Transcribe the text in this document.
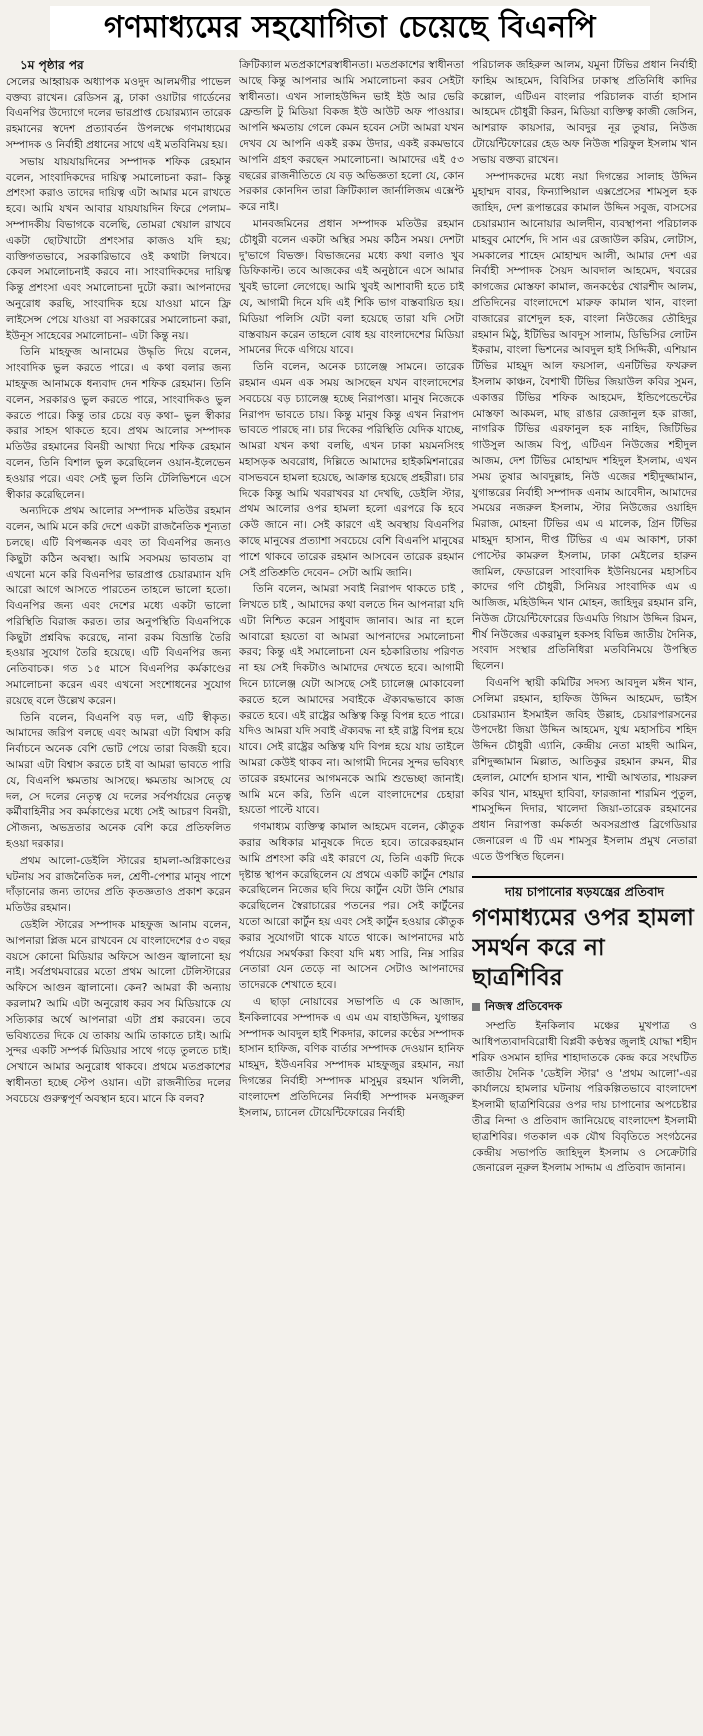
গণমাধ্যমের সহযোগিতা চেয়েছে বিএনপি

১ম পৃষ্ঠার পর

সেলের আহ্বায়ক অধ্যাপক মওদুদ আলমগীর পাভেল বক্তব্য রাখেন। রেডিসন ব্লু, ঢাকা ওয়াটার গার্ডেনের বিএনপির উদ্যোগে দলের ভারপ্রাপ্ত চেয়ারম্যান তারেক রহমানের স্বদেশ প্রত্যাবর্তন উপলক্ষে গণমাধ্যমের সম্পাদক ও নির্বাহী প্রধানের সাথে এই মতবিনিময় হয়।

সভায় যায়যায়দিনের সম্পাদক শফিক রেহমান বলেন, সাংবাদিকদের দায়িত্ব সমালোচনা করা– কিন্তু প্রশংসা করাও তাদের দায়িত্ব এটা আমার মনে রাখতে হবে। আমি যখন আবার যায়যায়দিন ফিরে পেলাম– সম্পাদকীয় বিভাগকে বলেছি, তোমরা খেয়াল রাখবে একটা ছোটখাটো প্রশংসার কাজও যদি হয়; ব্যক্তিগতভাবে, সরকারিভাবে ওই কথাটা লিখবে। কেবল সমালোচনাই করবে না। সাংবাদিকদের দায়িত্ব কিন্তু প্রশংসা এবং সমালোচনা দুটো করা। আপনাদের অনুরোধ করছি, সাংবাদিক হয়ে যাওয়া মানে ফ্রি লাইসেন্স পেয়ে যাওয়া বা সরকারের সমালোচনা করা, ইউনূস সাহেবের সমালোচনা– এটা কিন্তু নয়।

তিনি মাহফুজ আনামের উদ্ধৃতি দিয়ে বলেন, সাংবাদিক ভুল করতে পারে। এ কথা বলার জন্য মাহফুজ আনামকে ধন্যবাদ দেন শফিক রেহমান। তিনি বলেন, সরকারও ভুল করতে পারে, সাংবাদিকও ভুল করতে পারে। কিন্তু তার চেয়ে বড় কথা– ভুল স্বীকার করার সাহস থাকতে হবে। প্রথম আলোর সম্পাদক মতিউর রহমানের বিনয়ী আখ্যা দিয়ে শফিক রেহমান বলেন, তিনি বিশাল ভুল করেছিলেন ওয়ান-ইলেভেন হওয়ার পরে। এবং সেই ভুল তিনি টেলিভিশনে এসে স্বীকার করেছিলেন।

অন্যদিকে প্রথম আলোর সম্পাদক মতিউর রহমান বলেন, আমি মনে করি দেশে একটা রাজনৈতিক শূন্যতা চলছে। এটি বিপজ্জনক এবং তা বিএনপির জন্যও কিছুটা কঠিন অবস্থা। আমি সবসময় ভাবতাম বা এখনো মনে করি বিএনপির ভারপ্রাপ্ত চেয়ারম্যান যদি আরো আগে আসতে পারতেন তাহলে ভালো হতো। বিএনপির জন্য এবং দেশের মধ্যে একটা ভালো পরিস্থিতি বিরাজ করত। তার অনুপস্থিতি বিএনপিকে কিছুটা প্রশ্নবিদ্ধ করেছে, নানা রকম বিভ্রান্তি তৈরি হওয়ার সুযোগ তৈরি হয়েছে। এটি বিএনপির জন্য নেতিবাচক। গত ১৫ মাসে বিএনপির কর্মকাণ্ডের সমালোচনা করেন এবং এখনো সংশোধনের সুযোগ রয়েছে বলে উল্লেখ করেন।

তিনি বলেন, বিএনপি বড় দল, এটি স্বীকৃত। আমাদের জরিপ বলছে এবং আমরা এটা বিশ্বাস করি নির্বাচনে অনেক বেশি ভোট পেয়ে তারা বিজয়ী হবে। আমরা এটা বিশ্বাস করতে চাই বা আমরা ভাবতে পারি যে, বিএনপি ক্ষমতায় আসছে। ক্ষমতায় আসছে যে দল, সে দলের নেতৃত্ব যে দলের সর্বপর্যায়ের নেতৃত্ব কর্মীবাহিনীর সব কর্মকাণ্ডের মধ্যে সেই আচরণ বিনয়ী, সৌজন্য, অভদ্রতার অনেক বেশি করে প্রতিফলিত হওয়া দরকার।

প্রথম আলো-ডেইলি স্টারের হামলা-অগ্নিকাণ্ডের ঘটনায় সব রাজনৈতিক দল, শ্রেণী-পেশার মানুষ পাশে দাঁড়ানোর জন্য তাদের প্রতি কৃতজ্ঞতাও প্রকাশ করেন মতিউর রহমান।

ডেইলি স্টারের সম্পাদক মাহফুজ আনাম বলেন, আপনারা প্লিজ মনে রাখবেন যে বাংলাদেশের ৫৩ বছর বয়সে কোনো মিডিয়ার অফিসে আগুন জ্বালানো হয় নাই। সর্বপ্রথমবারের মতো প্রথম আলো টেলিস্টারের অফিসে আগুন জ্বালানো। কেন? আমরা কী অন্যায় করলাম? আমি এটা অনুরোধ করব সব মিডিয়াকে যে সত্যিকার অর্থে আপনারা এটা প্রশ্ন করবেন। তবে ভবিষ্যতের দিকে যে তাকায় আমি তাকাতে চাই। আমি সুন্দর একটি সম্পর্ক মিডিয়ার সাথে গড়ে তুলতে চাই। সেখানে আমার অনুরোধ থাকবে। প্রথমে মতপ্রকাশের স্বাধীনতা হচ্ছে স্টেপ ওয়ান। এটা রাজনীতির দলের সবচেয়ে গুরুত্বপূর্ণ অবস্থান হবে। মানে কি বলব?

ক্রিটিক্যাল মতপ্রকাশেরস্বাধীনতা। মতপ্রকাশের স্বাধীনতা আছে কিন্তু আপনার আমি সমালোচনা করব সেইটা স্বাধীনতা। এখন সালাহউদ্দিন ভাই ইউ আর ভেরি ফ্রেন্ডলি টু মিডিয়া বিকজ ইউ আউট অফ পাওয়ার। আপনি ক্ষমতায় গেলে কেমন হবেন সেটা আমরা যখন দেখব যে আপনি একই রকম উদার, একই রকমভাবে আপনি গ্রহণ করছেন সমালোচনা। আমাদের এই ৫৩ বছরের রাজনীতিতে যে বড় অভিজ্ঞতা হলো যে, কোন সরকার কোনদিন তারা ক্রিটিক্যাল জার্নালিজম এক্সেপ্ট করে নাই।

মানবজমিনের প্রধান সম্পাদক মতিউর রহমান চৌধুরী বলেন একটা অস্থির সময় কঠিন সময়। দেশটা দু'ভাগে বিভক্ত। বিভাজনের মধ্যে কথা বলাও খুব ডিফিকাল্ট। তবে আজকের এই অনুষ্ঠানে এসে আমার খুবই ভালো লেগেছে। আমি খুবই আশাবাদী হতে চাই যে, আগামী দিনে যদি এই শিকি ভাগ বাস্তবায়িত হয়। মিডিয়া পলিসি যেটা বলা হয়েছে তারা যদি সেটা বাস্তবায়ন করেন তাহলে বোধ হয় বাংলাদেশের মিডিয়া সামনের দিকে এগিয়ে যাবে।

তিনি বলেন, অনেক চ্যালেঞ্জ সামনে। তারেক রহমান এমন এক সময় আসছেন যখন বাংলাদেশের সবচেয়ে বড় চ্যালেঞ্জ হচ্ছে নিরাপত্তা। মানুষ নিজেকে নিরাপদ ভাবতে চায়। কিন্তু মানুষ কিন্তু এখন নিরাপদ ভাবতে পারছে না। চার দিকের পরিস্থিতি যেদিক যাচ্ছে, আমরা যখন কথা বলছি, এখন ঢাকা ময়মনসিংহ মহাসড়ক অবরোধ, দিল্লিতে আমাদের হাইকমিশনারের বাসভবনে হামলা হয়েছে, আক্রান্ত হয়েছে প্রহরীরা। চার দিকে কিন্তু আমি খবরাখবর যা দেখছি, ডেইলি স্টার, প্রথম আলোর ওপর হামলা হলো এরপরে কি হবে কেউ জানে না। সেই কারণে এই অবস্থায় বিএনপির কাছে মানুষের প্রত্যাশা সবচেয়ে বেশি বিএনপি মানুষের পাশে থাকবে তারেক রহমান আসবেন তারেক রহমান সেই প্রতিশ্রুতি দেবেন– সেটা আমি জানি।

তিনি বলেন, আমরা সবাই নিরাপদ থাকতে চাই , লিখতে চাই , আমাদের কথা বলতে দিন আপনারা যদি এটা নিশ্চিত করেন সাধুবাদ জানাব। আর না হলে আবারো হয়তো বা আমরা আপনাদের সমালোচনা করব; কিন্তু এই সমালোচনা যেন হঠকারিতায় পরিণত না হয় সেই দিকটাও আমাদের দেখতে হবে। আগামী দিনে চ্যালেঞ্জ যেটা আসছে সেই চ্যালেঞ্জ মোকাবেলা করতে হলে আমাদের সবাইকে ঐক্যবদ্ধভাবে কাজ করতে হবে। এই রাষ্ট্রের অস্তিত্ব কিন্তু বিপন্ন হতে পারে। যদিও আমরা যদি সবাই ঐক্যবদ্ধ না হই রাষ্ট্র বিপন্ন হয়ে যাবে। সেই রাষ্ট্রের অস্তিত্ব যদি বিপন্ন হয়ে যায় তাইলে আমরা কেউই থাকব না। আগামী দিনের সুন্দর ভবিষ্যৎ তারেক রহমানের আগমনকে আমি শুভেচ্ছা জানাই। আমি মনে করি, তিনি এলে বাংলাদেশের চেহারা হয়তো পাল্টে যাবে।

গণমাধ্যম ব্যক্তিত্ব কামাল আহমেদ বলেন, কৌতুক করার অধিকার মানুষকে দিতে হবে। তারেকরহমান আমি প্রশংসা করি এই কারণে যে, তিনি একটি দিকে দৃষ্টান্ত স্থাপন করেছিলেন যে প্রথমে একটি কার্টুন শেয়ার করেছিলেন নিজের ছবি দিয়ে কার্টুন যেটা উনি শেয়ার করেছিলেন স্বৈরাচারের পতনের পর। সেই কার্টুনের যতো আরো কার্টুন হয় এবং সেই কার্টুন হওয়ার কৌতুক করার সুযোগটা থাকে যাতে থাকে। আপনাদের মাঠ পর্যায়ের সমর্থকরা কিংবা যদি মধ্য সারি, নিম্ন সারির নেতারা যেন তেড়ে না আসেন সেটাও আপনাদের তাদেরকে শেখাতে হবে।

এ ছাড়া নোয়াবের সভাপতি এ কে আজাদ, ইনকিলাবের সম্পাদক এ এম এম বাহাউদ্দিন, যুগান্তর সম্পাদক আবদুল হাই শিকদার, কালের কণ্ঠের সম্পাদক হাসান হাফিজ, বণিক বার্তার সম্পাদক দেওয়ান হানিফ মাহমুদ, ইউএনবির সম্পাদক মাহফুজুর রহমান, নয়া দিগন্তের নির্বাহী সম্পাদক মাসুমুর রহমান খলিলী, বাংলাদেশ প্রতিদিনের নির্বাহী সম্পাদক মনজুরুল ইসলাম, চ্যানেল টোয়েন্টিফোরের নির্বাহী

পরিচালক জহিরুল আলম, যমুনা টিভির প্রধান নির্বাহী ফাহিম আহমেদ, বিবিসির ঢাকাস্থ প্রতিনিধি কাদির কল্লোল, এটিএন বাংলার পরিচালক বার্তা হাসান আহমেদ চৌধুরী কিরন, মিডিয়া ব্যক্তিত্ব কাজী জেসিন, আশরাফ কায়সার, আবদুর নূর তুষার, নিউজ টোয়েন্টিফোরের হেড অফ নিউজ শরিফুল ইসলাম খান সভায় বক্তব্য রাখেন।

সম্পাদকদের মধ্যে নয়া দিগন্তের সালাহ উদ্দিন মুহাম্মদ বাবর, ফিন্যান্সিয়াল এক্সপ্রেসের শামসুল হক জাহিদ, দেশ রূপান্তরের কামাল উদ্দিন সবুজ, বাসসের চেয়ারম্যান আনোয়ার আলদীন, ব্যবস্থাপনা পরিচালক মাহবুব মোর্শেদ, দি সান এর রেজাউল করিম, লোটাস, সমকালের শাহেদ মোহাম্মদ আলী, আমার দেশ এর নির্বাহী সম্পাদক সৈয়দ আবদাল আহমেদ, খবরের কাগজের মোস্তফা কামাল, জনকণ্ঠের খোরশীদ আলম, প্রতিদিনের বাংলাদেশে মারুফ কামাল খান, বাংলা বাজারের রাশেদুল হক, বাংলা নিউজের তৌহিদুর রহমান মিঠু, ইটিভির আবদুস সালাম, ডিভিসির লোটন ইকরাম, বাংলা ভিশনের আবদুল হাই সিদ্দিকী, এশিয়ান টিভির মাহমুদ আল ফয়সাল, এনটিভির ফখরুল ইসলাম কাঞ্চন, বৈশাখী টিভির জিয়াউল কবির সুমন, একাত্তর টিভির শফিক আহমেদ, ইন্ডিপেন্ডেন্টের মোস্তফা আকমল, মাছ রাঙার রেজানুল হক রাজা, নাগরিক টিভির এরফানুল হক নাহিদ, জিটিভির গাউসুল আজম বিপু, এটিএন নিউজের শহীদুল আজম, দেশ টিভির মোহাম্মদ শহিদুল ইসলাম, এখন সময় তুষার আবদুল্লাহ, নিউ এজের শহীদুজ্জামান, যুগান্তরের নির্বাহী সম্পাদক এনাম আবেদীন, আমাদের সময়ের নজরুল ইসলাম, স্টার নিউজের ওয়াহিদ মিরাজ, মোহনা টিভির এম এ মালেক, গ্রিন টিভির মাহমুদ হাসান, দীপ্ত টিভির এ এম আকাশ, ঢাকা পোস্টের কামরুল ইসলাম, ঢাকা মেইলের হারুন জামিল, ফেডারেল সাংবাদিক ইউনিয়নের মহাসচিব কাদের গণি চৌধুরী, সিনিয়র সাংবাদিক এম এ আজিজ, মহিউদ্দিন খান মোহন, জাহিদুর রহমান রনি, নিউজ টোয়েন্টিফোরের ডিএমডি গিয়াস উদ্দিন রিমন, শীর্ষ নিউজের একরামুল হকসহ বিভিন্ন জাতীয় দৈনিক, সংবাদ সংস্থার প্রতিনিধিরা মতবিনিময়ে উপস্থিত ছিলেন।

বিএনপি স্থায়ী কমিটির সদস্য আবদুল মঈন খান, সেলিমা রহমান, হাফিজ উদ্দিন আহমেদ, ভাইস চেয়ারম্যান ইসমাইল জবিহ উল্লাহ, চেয়ারপারসনের উপদেষ্টা জিয়া উদ্দিন আহমেদ, যুগ্ম মহাসচিব শহিদ উদ্দিন চৌধুরী এ্যানি, কেন্দ্রীয় নেতা মাহদী আমিন, রশিদুজ্জামান মিল্লাত, আতিকুর রহমান রুমন, মীর হেলাল, মোর্শেদ হাসান খান, শাম্মী আখতার, শায়রুল কবির খান, মাহমুদা হাবিবা, ফারজানা শারমিন পুতুল, শামসুদ্দিন দিদার, খালেদা জিয়া-তারেক রহমানের প্রধান নিরাপত্তা কর্মকর্তা অবসরপ্রাপ্ত ব্রিগেডিয়ার জেনারেল এ টি এম শামসুর ইসলাম প্রমুখ নেতারা এতে উপস্থিত ছিলেন।

দায় চাপানোর ষড়যন্ত্রের প্রতিবাদ
গণমাধ্যমের ওপর হামলা সমর্থন করে না ছাত্রশিবির
নিজস্ব প্রতিবেদক

সম্প্রতি ইনকিলাব মঞ্চের মুখপাত্র ও আধিপত্যবাদবিরোধী বিপ্লবী কণ্ঠস্বর জুলাই যোদ্ধা শহীদ শরিফ ওসমান হাদির শাহাদাতকে কেন্দ্র করে সংঘটিত জাতীয় দৈনিক 'ডেইলি স্টার' ও 'প্রথম আলো'-এর কার্যালয়ে হামলার ঘটনায় পরিকল্পিতভাবে বাংলাদেশ ইসলামী ছাত্রশিবিরের ওপর দায় চাপানোর অপচেষ্টার তীব্র নিন্দা ও প্রতিবাদ জানিয়েছে বাংলাদেশ ইসলামী ছাত্রশিবির। গতকাল এক যৌথ বিবৃতিতে সংগঠনের কেন্দ্রীয় সভাপতি জাহিদুল ইসলাম ও সেক্রেটারি জেনারেল নূরুল ইসলাম সাদ্দাম এ প্রতিবাদ জানান।
